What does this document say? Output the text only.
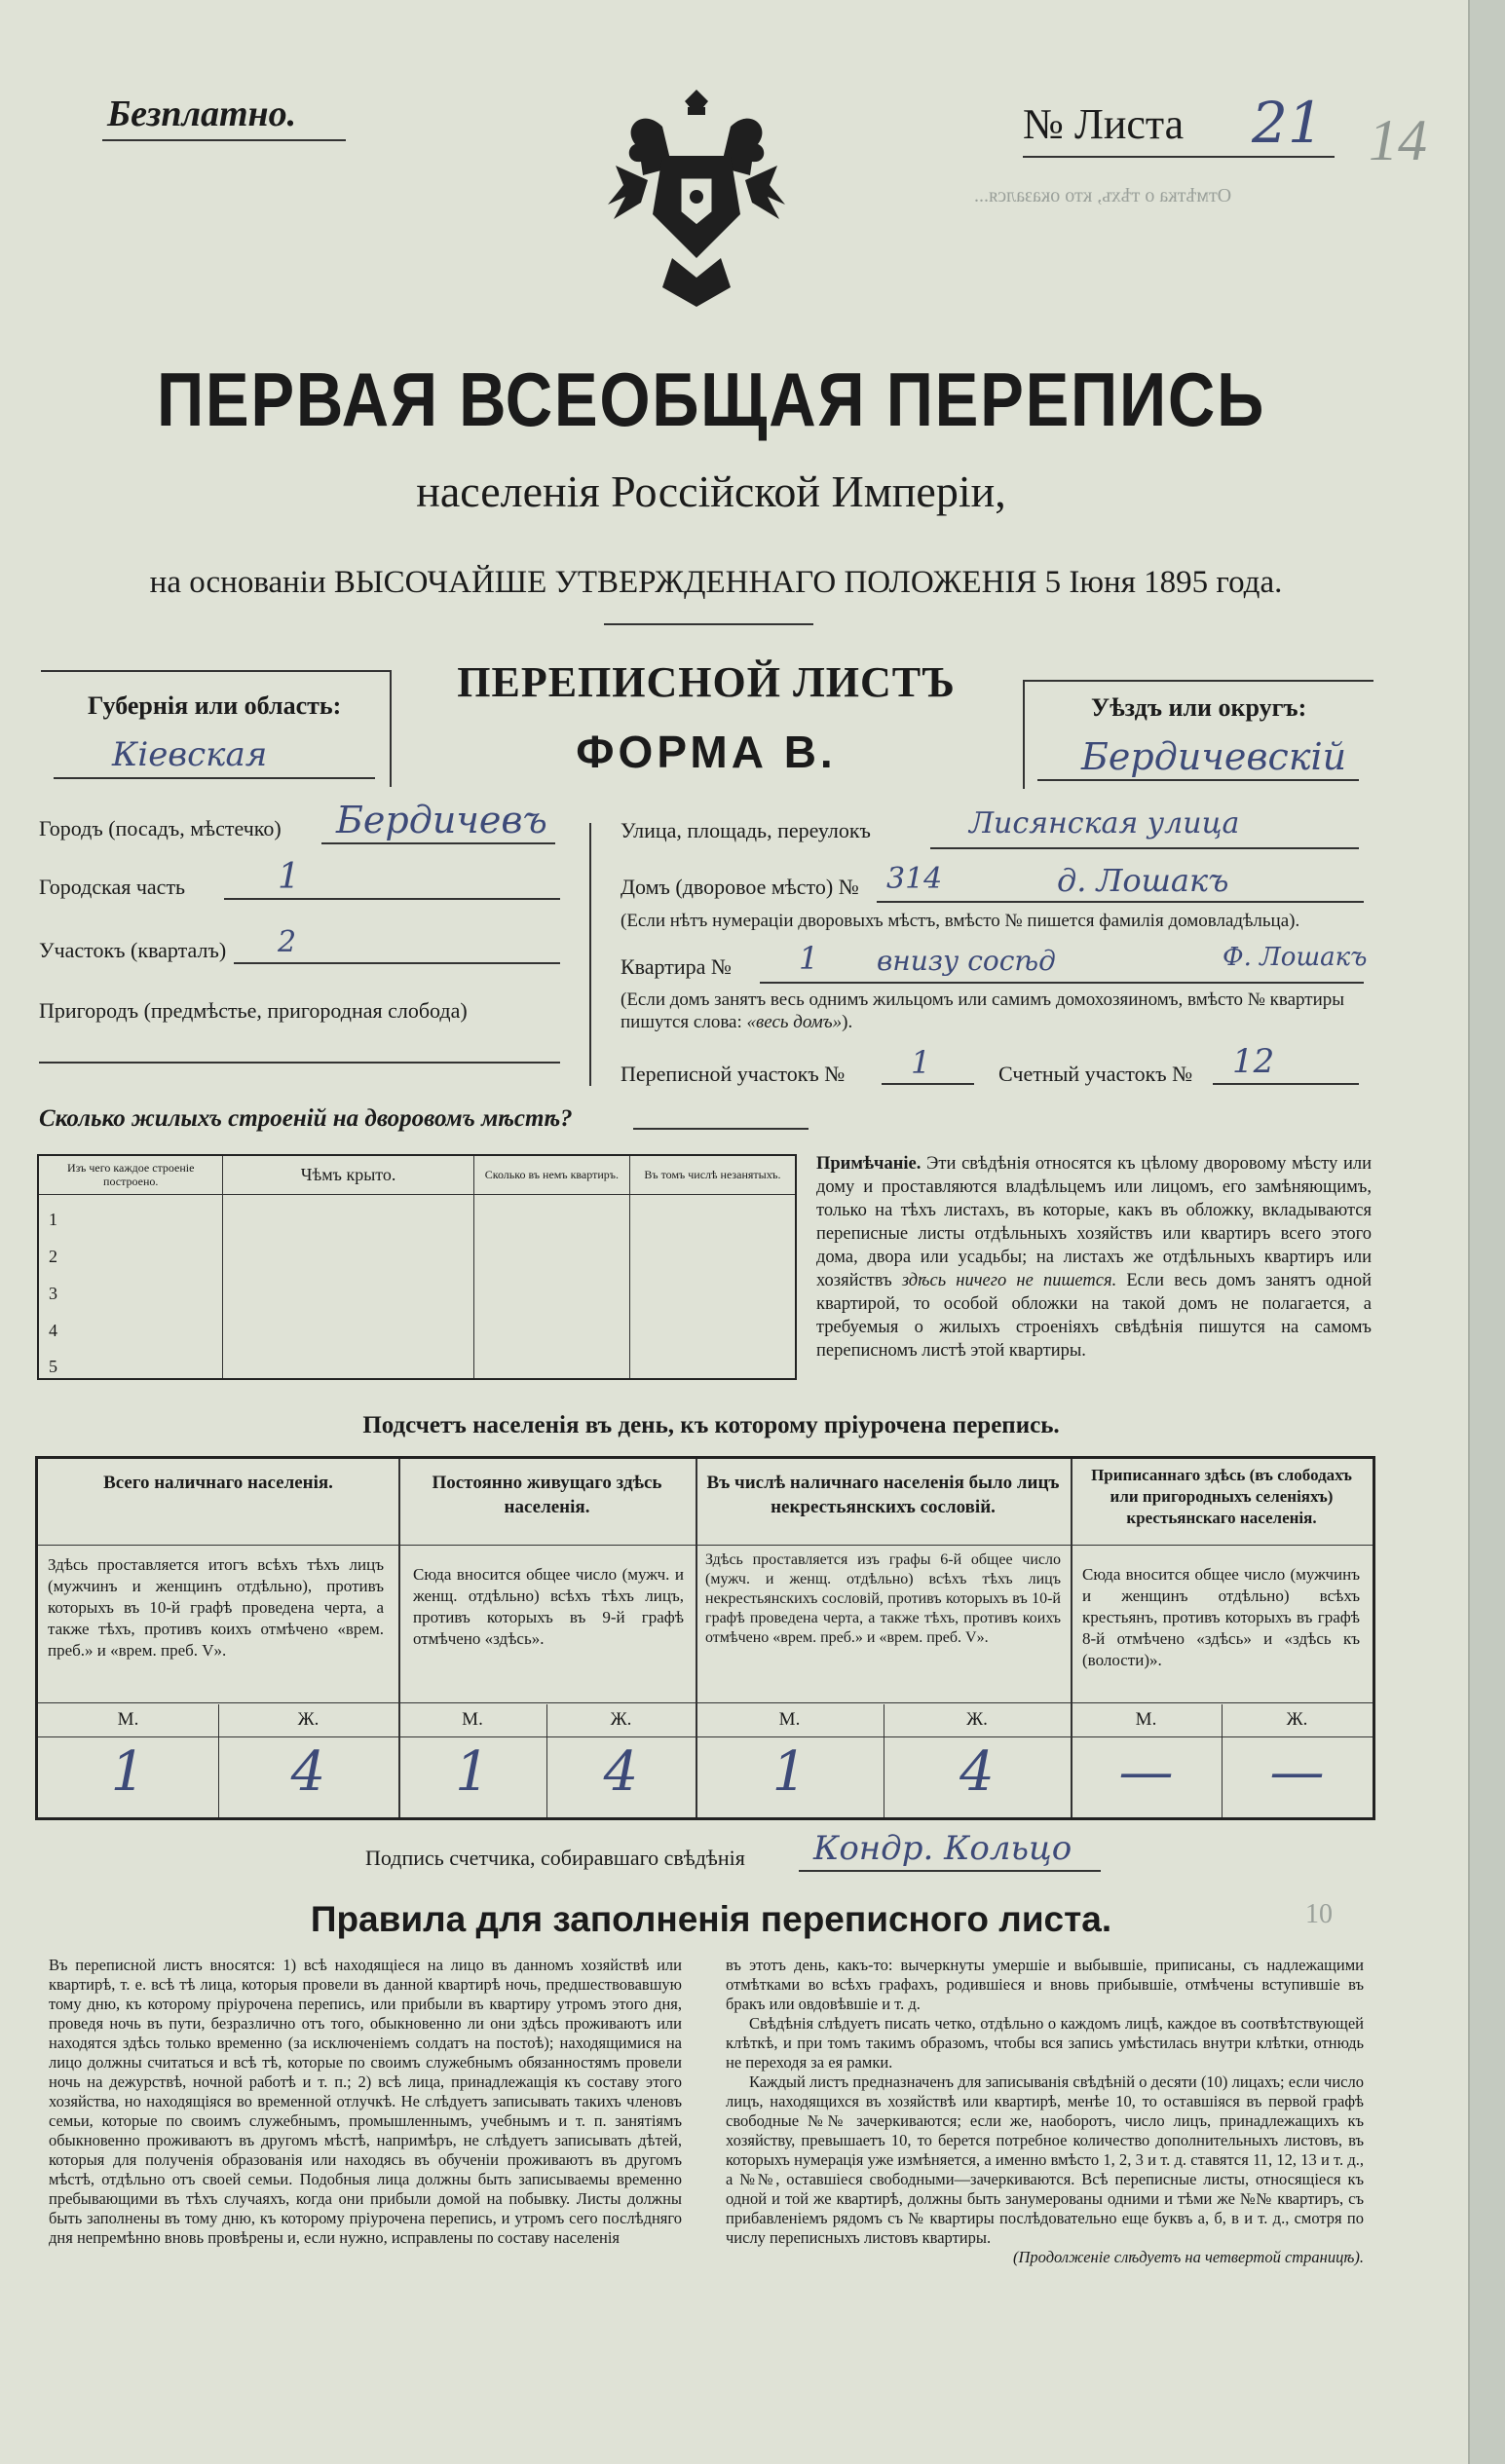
Отмѣтка о тѣхъ, кто оказался...
10
Безплатно.	№ Листа 21 14
ПЕРВАЯ ВСЕОБЩАЯ ПЕРЕПИСЬ
населенія Россійской Имперіи,
на основаніи ВЫСОЧАЙШЕ УТВЕРЖДЕННАГО ПОЛОЖЕНІЯ 5 Іюня 1895 года.
Губернія или область:
Кіевская
ПЕРЕПИСНОЙ ЛИСТЪ
ФОРМА В.
Уѣздъ или округъ:
Бердичевскій
Городъ (посадъ, мѣстечко) Бердичевъ
Городская часть	1
Участокъ (кварталъ) 2
Пригородъ (предмѣстье, пригородная слобода)
Улица, площадь, переулокъ	Лисянская улица
Домъ (дворовое мѣсто) № 314	д. Лошакъ
(Если нѣтъ нумераціи дворовыхъ мѣстъ, вмѣсто № пишется фамилія домовладѣльца).
Квартира № 1 внизу сосѣд	Ф. Лошакъ
(Если домъ занятъ весь однимъ жильцомъ или самимъ домохозяиномъ, вмѣсто № квартиры пишутся слова: «весь домъ»).
Переписной участокъ № 1	Счетный участокъ № 12
Сколько жилыхъ строеній на дворовомъ мѣстѣ?
Изъ чего каждое строеніе построено.	Чѣмъ крыто.	Сколько въ немъ квартиръ.	Въ томъ числѣ незанятыхъ.
1			
2			
3			
4			
5			
Примѣчаніе. Эти свѣдѣнія относятся къ цѣлому дворовому мѣсту или дому и проставляются владѣльцемъ или лицомъ, его замѣняющимъ, только на тѣхъ листахъ, въ которые, какъ въ обложку, вкладываются переписные листы отдѣльныхъ хозяйствъ или квартиръ всего этого дома, двора или усадьбы; на листахъ же отдѣльныхъ квартиръ или хозяйствъ здѣсь ничего не пишется. Если весь домъ занятъ одной квартирой, то особой обложки на такой домъ не полагается, а требуемыя о жилыхъ строеніяхъ свѣдѣнія пишутся на самомъ переписномъ листѣ этой квартиры.
Подсчетъ населенія въ день, къ которому пріурочена перепись.
Всего наличнаго населенія.	Постоянно живущаго здѣсь населенія.
Въ числѣ наличнаго населенія было лицъ некрестьянскихъ сословій.
Приписаннаго здѣсь (въ слободахъ или пригородныхъ селеніяхъ) крестьянскаго населенія.
Здѣсь проставляется итогъ всѣхъ тѣхъ лицъ (мужчинъ и женщинъ отдѣльно), противъ которыхъ въ 10-й графѣ проведена черта, а также тѣхъ, противъ коихъ отмѣчено «врем. преб.» и «врем. преб. V».
Сюда вносится общее число (мужч. и женщ. отдѣльно) всѣхъ тѣхъ лицъ, противъ которыхъ въ 9-й графѣ отмѣчено «здѣсь».
Здѣсь проставляется изъ графы 6-й общее число (мужч. и женщ. отдѣльно) всѣхъ тѣхъ лицъ некрестьянскихъ сословій, противъ которыхъ въ 10-й графѣ проведена черта, а также тѣхъ, противъ коихъ отмѣчено «врем. преб.» и «врем. преб. V».
Сюда вносится общее число (мужчинъ и женщинъ отдѣльно) всѣхъ крестьянъ, противъ которыхъ въ графѣ 8-й отмѣчено «здѣсь» и «здѣсь къ (волости)».
М.	Ж.	М.	Ж.	М.	Ж.	М.	Ж.
1	4	1	4	1	4	—	—
Подпись счетчика, собиравшаго свѣдѣнія Кондр. Кольцо
Правила для заполненія переписного листа.
Въ переписной листъ вносятся: 1) всѣ находящіеся на лицо въ данномъ хозяйствѣ или квартирѣ, т. е. всѣ тѣ лица, которыя провели въ данной квартирѣ ночь, предшествовавшую тому дню, къ которому пріурочена перепись, или прибыли въ квартиру утромъ этого дня, проведя ночь въ пути, безразлично отъ того, обыкновенно ли они здѣсь проживаютъ или находятся здѣсь только временно (за исключеніемъ солдатъ на постоѣ); находящимися на лицо должны считаться и всѣ тѣ, которые по своимъ служебнымъ обязанностямъ провели ночь на дежурствѣ, ночной работѣ и т. п.; 2) всѣ лица, принадлежащія къ составу этого хозяйства, но находящіяся во временной отлучкѣ. Не слѣдуетъ записывать такихъ членовъ семьи, которые по своимъ служебнымъ, промышленнымъ, учебнымъ и т. п. занятіямъ обыкновенно проживаютъ въ другомъ мѣстѣ, напримѣръ, не слѣдуетъ записывать дѣтей, которыя для полученія образованія или находясь въ обученіи проживаютъ въ другомъ мѣстѣ, отдѣльно отъ своей семьи. Подобныя лица должны быть записываемы временно пребывающими въ тѣхъ случаяхъ, когда они прибыли домой на побывку. Листы должны быть заполнены въ тому дню, къ которому пріурочена перепись, и утромъ сего послѣдняго дня непремѣнно вновь провѣрены и, если нужно, исправлены по составу населенія
въ этотъ день, какъ-то: вычеркнуты умершіе и выбывшіе, приписаны, съ надлежащими отмѣтками во всѣхъ графахъ, родившіеся и вновь прибывшіе, отмѣчены вступившіе въ бракъ или овдовѣвшіе и т. д.
Свѣдѣнія слѣдуетъ писать четко, отдѣльно о каждомъ лицѣ, каждое въ соотвѣтствующей клѣткѣ, и при томъ такимъ образомъ, чтобы вся запись умѣстилась внутри клѣтки, отнюдь не переходя за ея рамки.
Каждый листъ предназначенъ для записыванія свѣдѣній о десяти (10) лицахъ; если число лицъ, находящихся въ хозяйствѣ или квартирѣ, менѣе 10, то оставшіяся въ первой графѣ свободные №№ зачеркиваются; если же, наоборотъ, число лицъ, принадлежащихъ къ хозяйству, превышаетъ 10, то берется потребное количество дополнительныхъ листовъ, въ которыхъ нумерація уже измѣняется, а именно вмѣсто 1, 2, 3 и т. д. ставятся 11, 12, 13 и т. д., а №№, оставшіеся свободными—зачеркиваются. Всѣ переписные листы, относящіеся къ одной и той же квартирѣ, должны быть занумерованы одними и тѣми же №№ квартиръ, съ прибавленіемъ рядомъ съ № квартиры послѣдовательно еще буквъ а, б, в и т. д., смотря по числу переписныхъ листовъ квартиры.
(Продолженіе слѣдуетъ на четвертой страницѣ).
